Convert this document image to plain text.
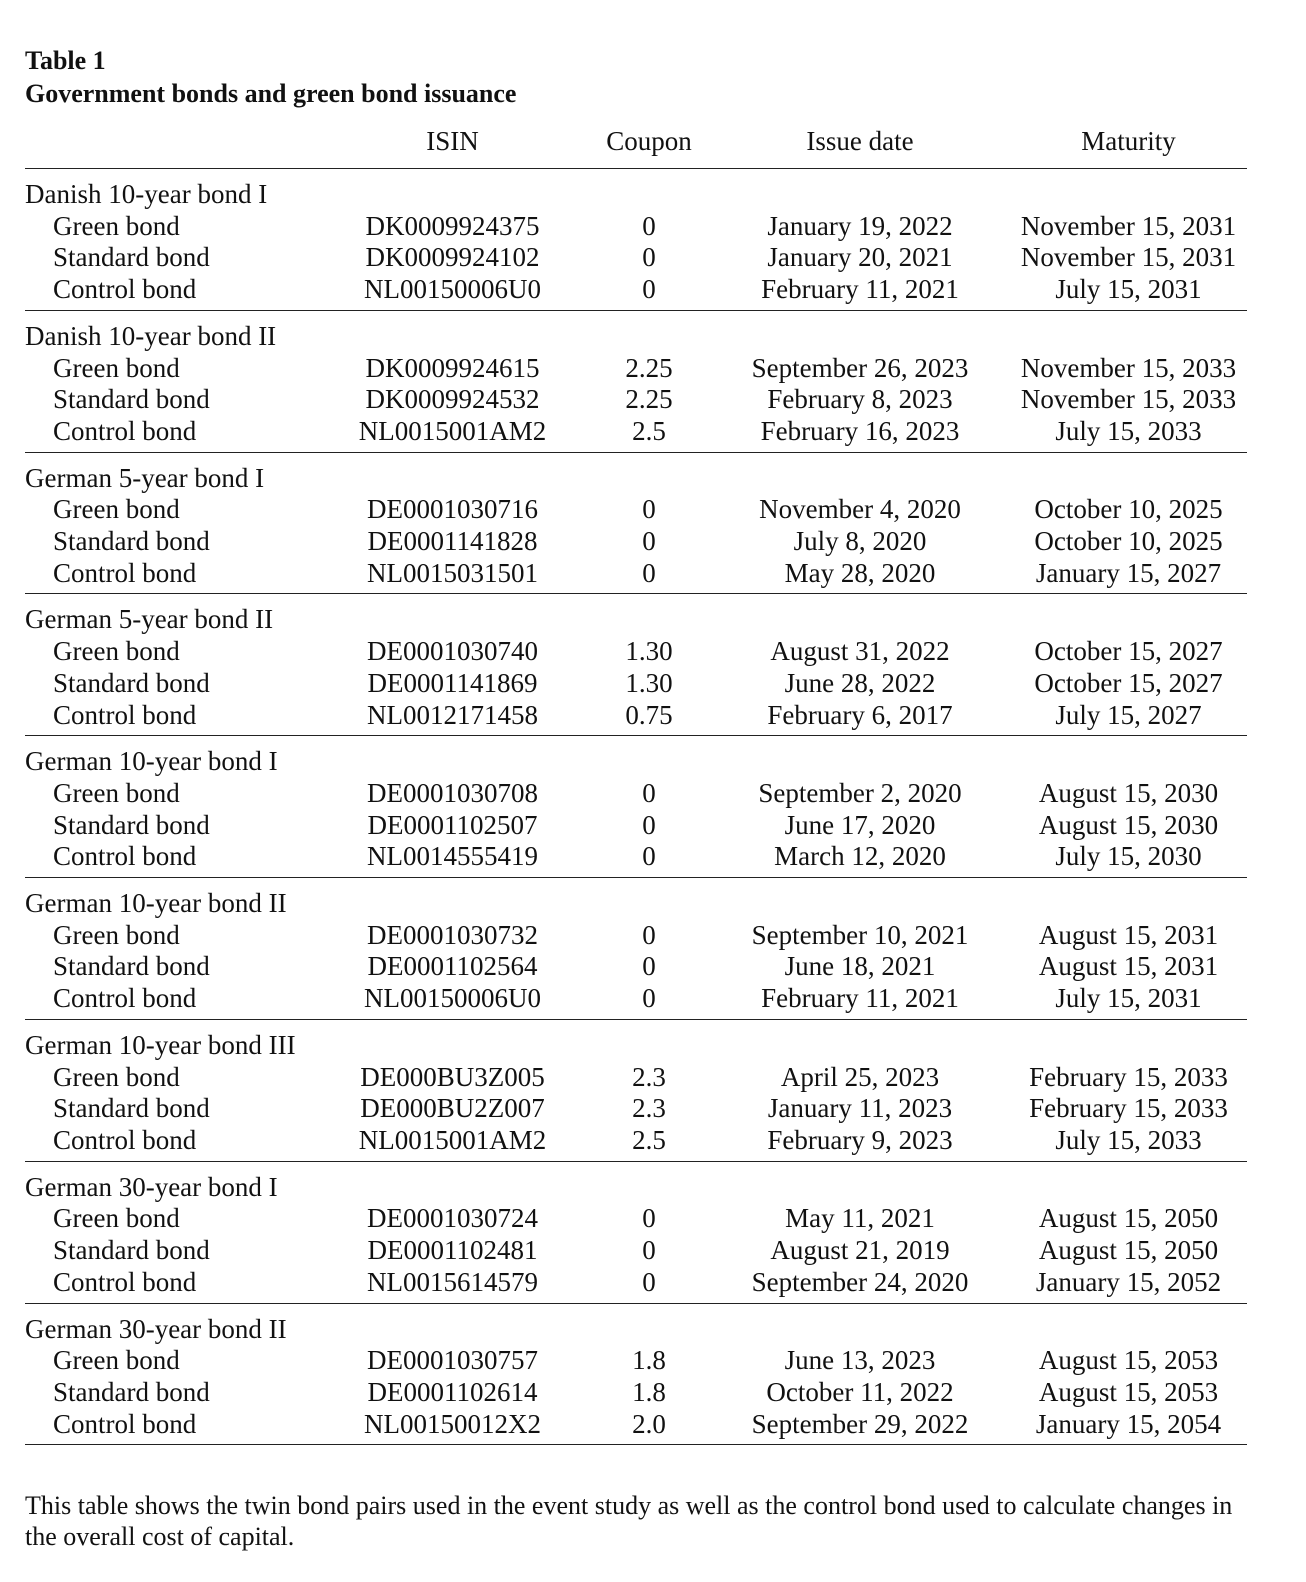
Table 1
Government bonds and green bond issuance
	ISIN	Coupon	Issue date	Maturity
Danish 10-year bond I				
Green bond	DK0009924375	0	January 19, 2022	November 15, 2031
Standard bond	DK0009924102	0	January 20, 2021	November 15, 2031
Control bond	NL00150006U0	0	February 11, 2021	July 15, 2031
Danish 10-year bond II				
Green bond	DK0009924615	2.25	September 26, 2023	November 15, 2033
Standard bond	DK0009924532	2.25	February 8, 2023	November 15, 2033
Control bond	NL0015001AM2	2.5	February 16, 2023	July 15, 2033
German 5-year bond I				
Green bond	DE0001030716	0	November 4, 2020	October 10, 2025
Standard bond	DE0001141828	0	July 8, 2020	October 10, 2025
Control bond	NL0015031501	0	May 28, 2020	January 15, 2027
German 5-year bond II				
Green bond	DE0001030740	1.30	August 31, 2022	October 15, 2027
Standard bond	DE0001141869	1.30	June 28, 2022	October 15, 2027
Control bond	NL0012171458	0.75	February 6, 2017	July 15, 2027
German 10-year bond I				
Green bond	DE0001030708	0	September 2, 2020	August 15, 2030
Standard bond	DE0001102507	0	June 17, 2020	August 15, 2030
Control bond	NL0014555419	0	March 12, 2020	July 15, 2030
German 10-year bond II				
Green bond	DE0001030732	0	September 10, 2021	August 15, 2031
Standard bond	DE0001102564	0	June 18, 2021	August 15, 2031
Control bond	NL00150006U0	0	February 11, 2021	July 15, 2031
German 10-year bond III				
Green bond	DE000BU3Z005	2.3	April 25, 2023	February 15, 2033
Standard bond	DE000BU2Z007	2.3	January 11, 2023	February 15, 2033
Control bond	NL0015001AM2	2.5	February 9, 2023	July 15, 2033
German 30-year bond I				
Green bond	DE0001030724	0	May 11, 2021	August 15, 2050
Standard bond	DE0001102481	0	August 21, 2019	August 15, 2050
Control bond	NL0015614579	0	September 24, 2020	January 15, 2052
German 30-year bond II				
Green bond	DE0001030757	1.8	June 13, 2023	August 15, 2053
Standard bond	DE0001102614	1.8	October 11, 2022	August 15, 2053
Control bond	NL00150012X2	2.0	September 29, 2022	January 15, 2054
This table shows the twin bond pairs used in the event study as well as the control bond used to calculate changes in the overall cost of capital.
